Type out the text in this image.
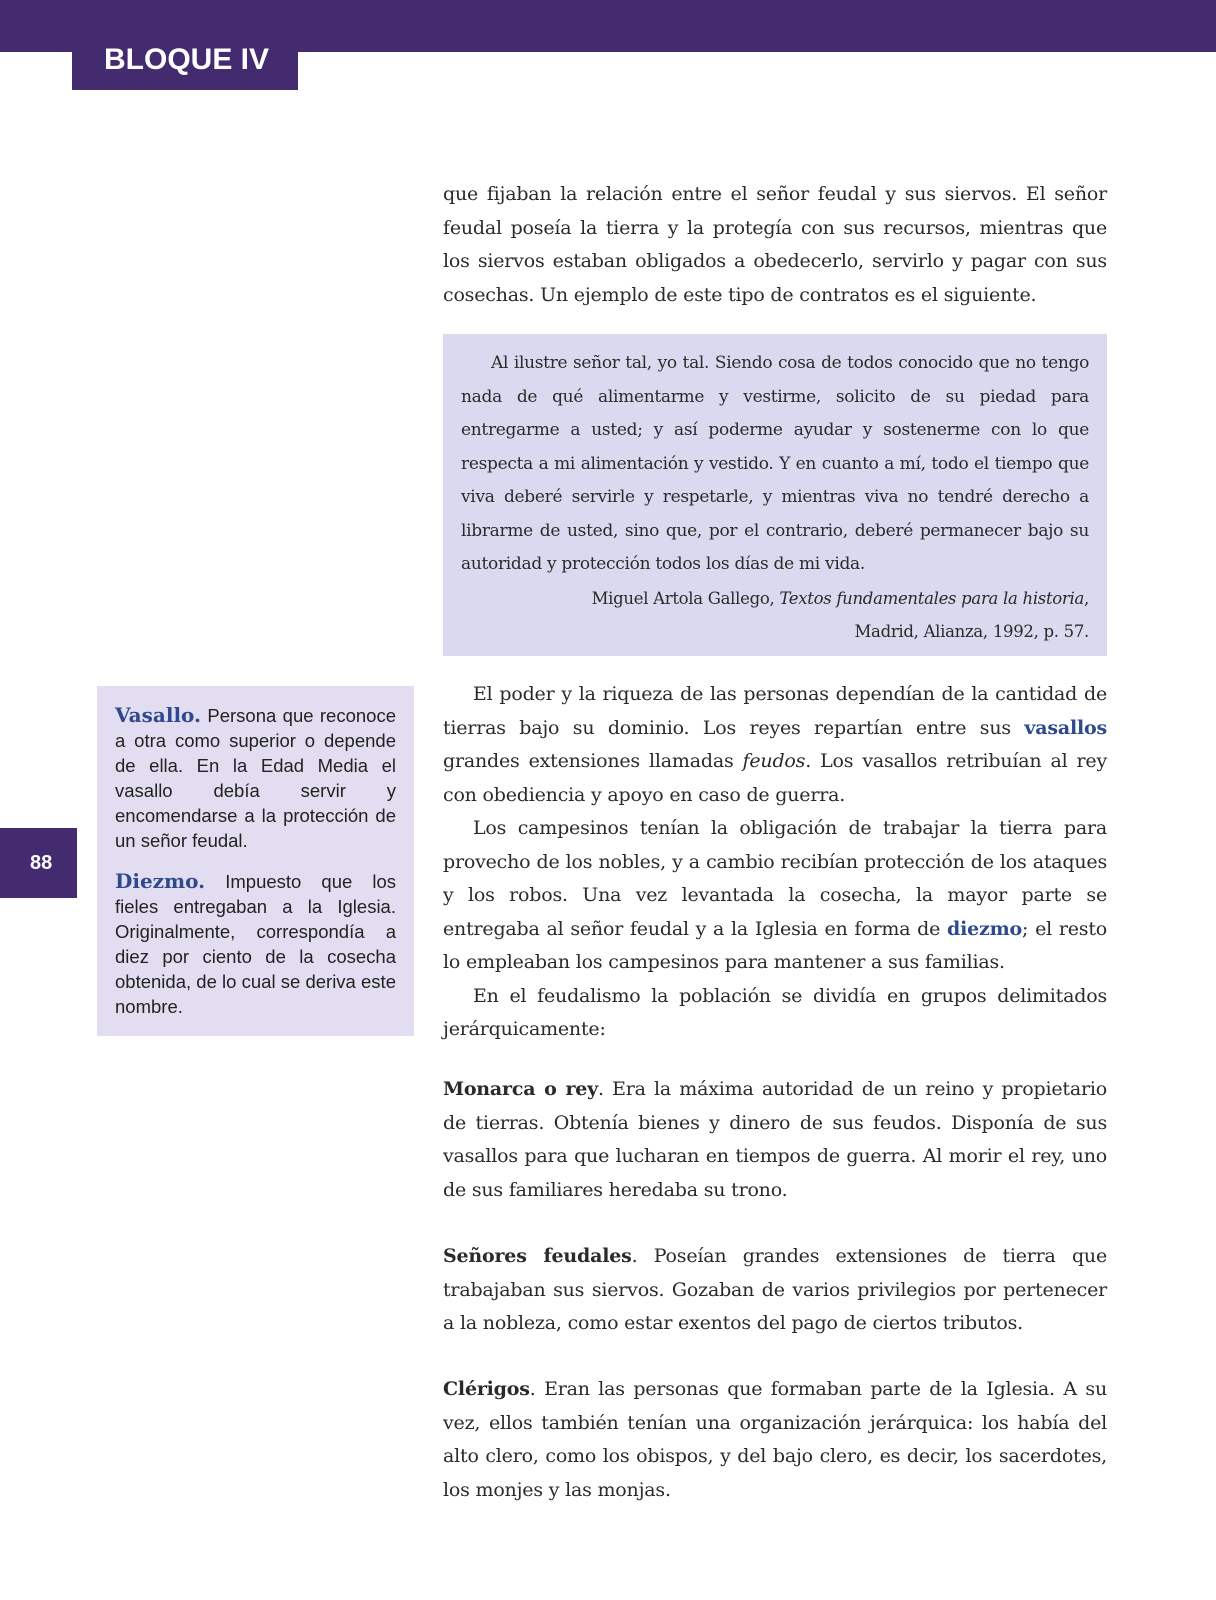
BLOQUE IV
88

que fijaban la relación entre el señor feudal y sus siervos. El señor feudal poseía la tierra y la protegía con sus recursos, mientras que los siervos estaban obligados a obedecerlo, servirlo y pagar con sus cosechas. Un ejemplo de este tipo de contratos es el siguiente.

Al ilustre señor tal, yo tal. Siendo cosa de todos conocido que no tengo nada de qué alimentarme y vestirme, solicito de su piedad para entregarme a usted; y así poderme ayudar y sostenerme con lo que respecta a mi alimentación y vestido. Y en cuanto a mí, todo el tiempo que viva deberé servirle y respetarle, y mientras viva no tendré derecho a librarme de usted, sino que, por el contrario, deberé permanecer bajo su autoridad y protección todos los días de mi vida.

Miguel Artola Gallego, Textos fundamentales para la historia,

Madrid, Alianza, 1992, p. 57.

Vasallo. Persona que reconoce a otra como superior o depende de ella. En la Edad Media el vasallo debía servir y encomendarse a la protección de un señor feudal.

Diezmo. Impuesto que los fieles entregaban a la Iglesia. Originalmente, correspondía a diez por ciento de la cosecha obtenida, de lo cual se deriva este nombre.

El poder y la riqueza de las personas dependían de la cantidad de tierras bajo su dominio. Los reyes repartían entre sus vasallos grandes extensiones llamadas feudos. Los vasallos retribuían al rey con obediencia y apoyo en caso de guerra.

Los campesinos tenían la obligación de trabajar la tierra para provecho de los nobles, y a cambio recibían protección de los ataques y los robos. Una vez levantada la cosecha, la mayor parte se entregaba al señor feudal y a la Iglesia en forma de diezmo; el resto lo empleaban los campesinos para mantener a sus familias.

En el feudalismo la población se dividía en grupos delimitados jerárquicamente:

Monarca o rey. Era la máxima autoridad de un reino y propietario de tierras. Obtenía bienes y dinero de sus feudos. Disponía de sus vasallos para que lucharan en tiempos de guerra. Al morir el rey, uno de sus familiares heredaba su trono.

Señores feudales. Poseían grandes extensiones de tierra que trabajaban sus siervos. Gozaban de varios privilegios por pertenecer a la nobleza, como estar exentos del pago de ciertos tributos.

Clérigos. Eran las personas que formaban parte de la Iglesia. A su vez, ellos también tenían una organización jerárquica: los había del alto clero, como los obispos, y del bajo clero, es decir, los sacerdotes, los monjes y las monjas.
